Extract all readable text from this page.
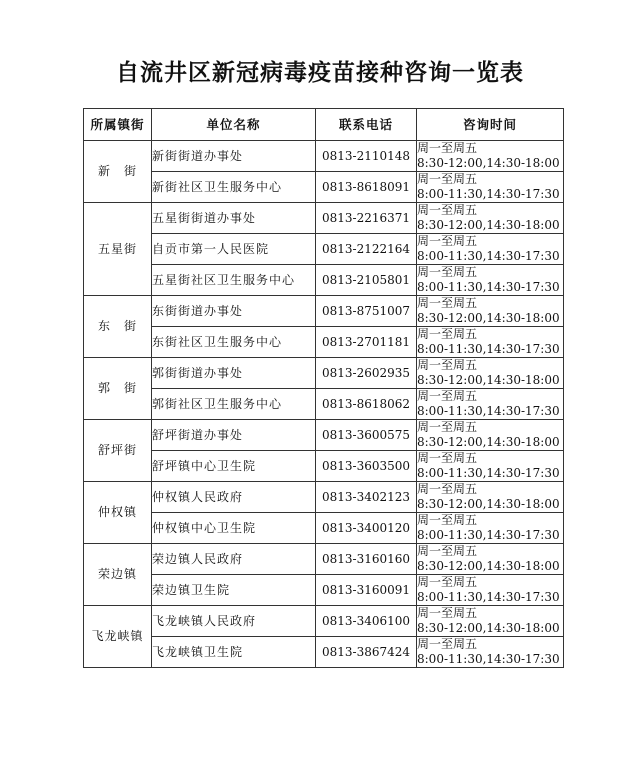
自流井区新冠病毒疫苗接种咨询一览表
所属镇街	单位名称	联系电话	咨询时间
新　街	新街街道办事处	0813-2110148	周一至周五
8:30-12:00,14:30-18:00

	新街社区卫生服务中心	0813-8618091	周一至周五
8:00-11:30,14:30-17:30

五星街	五星街街道办事处	0813-2216371	周一至周五
8:30-12:00,14:30-18:00

	自贡市第一人民医院	0813-2122164	周一至周五
8:00-11:30,14:30-17:30

	五星街社区卫生服务中心	0813-2105801	周一至周五
8:00-11:30,14:30-17:30

东　街	东街街道办事处	0813-8751007	周一至周五
8:30-12:00,14:30-18:00

	东街社区卫生服务中心	0813-2701181	周一至周五
8:00-11:30,14:30-17:30

郭　街	郭街街道办事处	0813-2602935	周一至周五
8:30-12:00,14:30-18:00

	郭街社区卫生服务中心	0813-8618062	周一至周五
8:00-11:30,14:30-17:30

舒坪街	舒坪街道办事处	0813-3600575	周一至周五
8:30-12:00,14:30-18:00

	舒坪镇中心卫生院	0813-3603500	周一至周五
8:00-11:30,14:30-17:30

仲权镇	仲权镇人民政府	0813-3402123	周一至周五
8:30-12:00,14:30-18:00

	仲权镇中心卫生院	0813-3400120	周一至周五
8:00-11:30,14:30-17:30

荣边镇	荣边镇人民政府	0813-3160160	周一至周五
8:30-12:00,14:30-18:00

	荣边镇卫生院	0813-3160091	周一至周五
8:00-11:30,14:30-17:30

飞龙峡镇	飞龙峡镇人民政府	0813-3406100	周一至周五
8:30-12:00,14:30-18:00

	飞龙峡镇卫生院	0813-3867424	周一至周五
8:00-11:30,14:30-17:30
